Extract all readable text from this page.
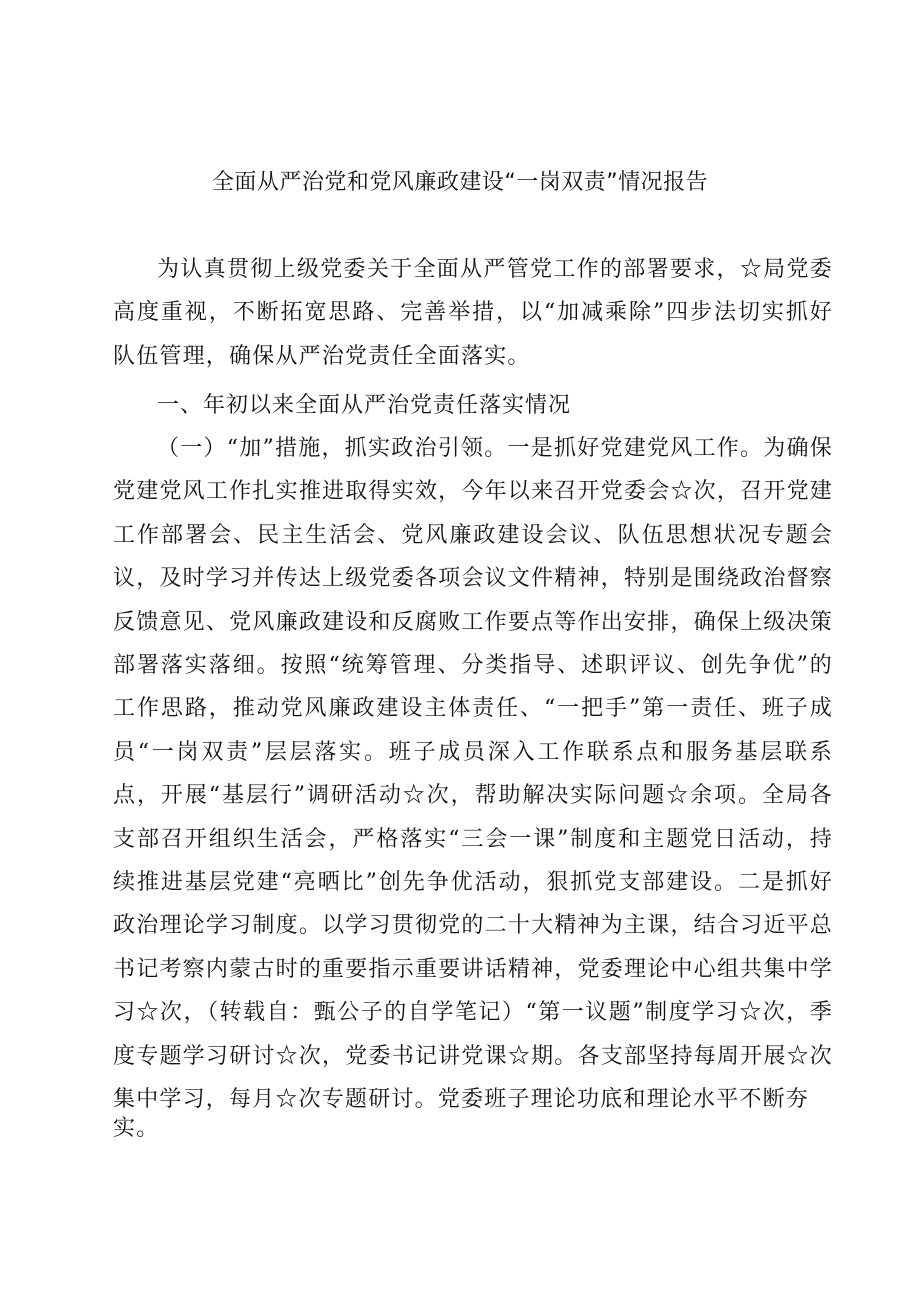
全面从严治党和党风廉政建设“一岗双责”情况报告
为认真贯彻上级党委关于全面从严管党工作的部署要求，☆局党委高度重视，不断拓宽思路、完善举措，以“加减乘除”四步法切实抓好队伍管理，确保从严治党责任全面落实。
一、年初以来全面从严治党责任落实情况
（一）“加”措施，抓实政治引领。一是抓好党建党风工作。为确保党建党风工作扎实推进取得实效，今年以来召开党委会☆次，召开党建工作部署会、民主生活会、党风廉政建设会议、队伍思想状况专题会议，及时学习并传达上级党委各项会议文件精神，特别是围绕政治督察反馈意见、党风廉政建设和反腐败工作要点等作出安排，确保上级决策部署落实落细。按照“统筹管理、分类指导、述职评议、创先争优”的工作思路，推动党风廉政建设主体责任、“一把手”第一责任、班子成员“一岗双责”层层落实。班子成员深入工作联系点和服务基层联系点，开展“基层行”调研活动☆次，帮助解决实际问题☆余项。全局各支部召开组织生活会，严格落实“三会一课”制度和主题党日活动，持续推进基层党建“亮晒比”创先争优活动，狠抓党支部建设。二是抓好政治理论学习制度。以学习贯彻党的二十大精神为主课，结合习近平总书记考察内蒙古时的重要指示重要讲话精神，党委理论中心组共集中学习☆次，（转载自：甄公子的自学笔记）“第一议题”制度学习☆次，季度专题学习研讨☆次，党委书记讲党课☆期。各支部坚持每周开展☆次集中学习，每月☆次专题研讨。党委班子理论功底和理论水平不断夯
实。
